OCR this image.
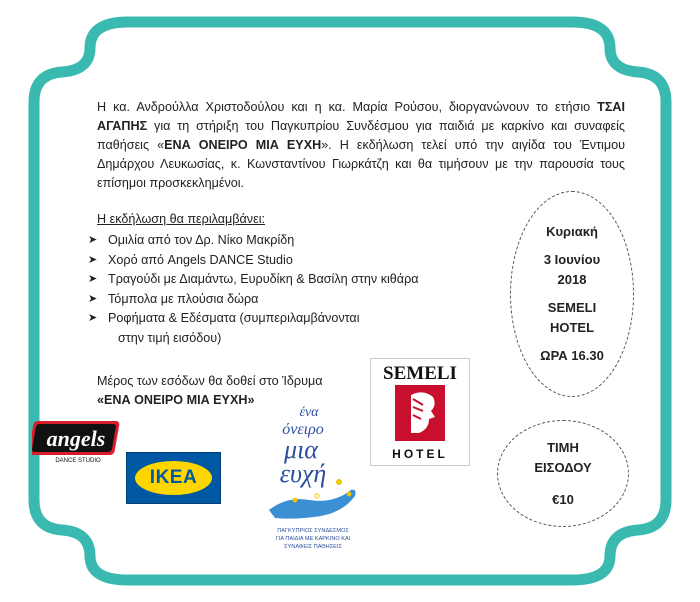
Η κα. Ανδρούλλα Χριστοδούλου και η κα. Μαρία Ρούσου, διοργανώνουν το ετήσιο ΤΣΑΙ ΑΓΑΠΗΣ για τη στήριξη του Παγκυπρίου Συνδέσμου για παιδιά με καρκίνο και συναφείς παθήσεις «ΕΝΑ ΟΝΕΙΡΟ ΜΙΑ ΕΥΧΗ». Η εκδήλωση τελεί υπό την αιγίδα του Έντιμου Δημάρχου Λευκωσίας, κ. Κωνσταντίνου Γιωρκάτζη και θα τιμήσουν με την παρουσία τους επίσημοι προσκεκλημένοι.
Η εκδήλωση θα περιλαμβάνει:
➤ Ομιλία από τον Δρ. Νίκο Μακρίδη
➤ Χορό από Angels DANCE Studio
➤ Τραγούδι με Διαμάντω, Ευρυδίκη & Βασίλη στην κιθάρα
➤ Τόμπολα με πλούσια δώρα
➤ Ροφήματα & Εδέσματα (συμπεριλαμβάνονται
στην τιμή εισόδου)
Μέρος των εσόδων θα δοθεί στο Ίδρυμα
«ΕΝΑ ΟΝΕΙΡΟ ΜΙΑ ΕΥΧΗ»
Κυριακή
3 Ιουνίου
2018
SEMELI
HOTEL
ΩΡΑ 16.30
ΤΙΜΗ
ΕΙΣΟΔΟΥ
€10
angels
DANCE STUDIO
IKEA
ένα
όνειρο
μια
ευχή
ΠΑΓΚΥΠΡΙΟΣ ΣΥΝΔΕΣΜΟΣ
ΓΙΑ ΠΑΙΔΙΑ ΜΕ ΚΑΡΚΙΝΟ ΚΑΙ
ΣΥΝΑΦΕΙΣ ΠΑΘΗΣΕΙΣ
SEMELI
HOTEL
